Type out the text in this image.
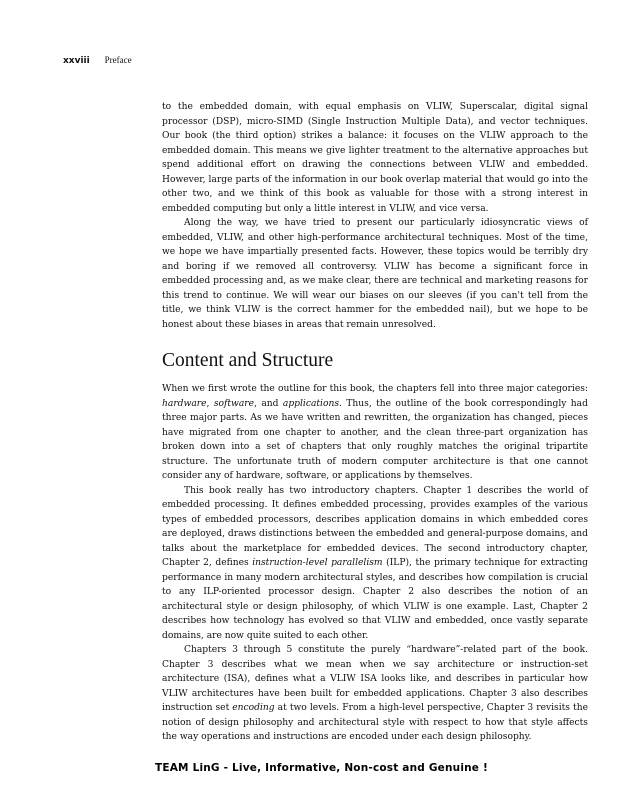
xxviii Preface

to the embedded domain, with equal emphasis on VLIW, Superscalar, digital signal processor (DSP), micro-SIMD (Single Instruction Multiple Data), and vector techniques. Our book (the third option) strikes a balance: it focuses on the VLIW approach to the embedded domain. This means we give lighter treatment to the alternative approaches but spend additional effort on drawing the connections between VLIW and embedded. However, large parts of the information in our book overlap material that would go into the other two, and we think of this book as valuable for those with a strong interest in embedded computing but only a little interest in VLIW, and vice versa.

Along the way, we have tried to present our particularly idiosyncratic views of embedded, VLIW, and other high-performance architectural techniques. Most of the time, we hope we have impartially presented facts. However, these topics would be terribly dry and boring if we removed all controversy. VLIW has become a significant force in embedded processing and, as we make clear, there are technical and marketing reasons for this trend to continue. We will wear our biases on our sleeves (if you can't tell from the title, we think VLIW is the correct hammer for the embedded nail), but we hope to be honest about these biases in areas that remain unresolved.

Content and Structure

When we first wrote the outline for this book, the chapters fell into three major categories: hardware, software, and applications. Thus, the outline of the book correspondingly had three major parts. As we have written and rewritten, the organization has changed, pieces have migrated from one chapter to another, and the clean three-part organization has broken down into a set of chapters that only roughly matches the original tripartite structure. The unfortunate truth of modern computer architecture is that one cannot consider any of hardware, software, or applications by themselves.

This book really has two introductory chapters. Chapter 1 describes the world of embedded processing. It defines embedded processing, provides examples of the various types of embedded processors, describes application domains in which embedded cores are deployed, draws distinctions between the embedded and general-purpose domains, and talks about the marketplace for embedded devices. The second introductory chapter, Chapter 2, defines instruction-level parallelism (ILP), the primary technique for extracting performance in many modern architectural styles, and describes how compilation is crucial to any ILP-oriented processor design. Chapter 2 also describes the notion of an architectural style or design philosophy, of which VLIW is one example. Last, Chapter 2 describes how technology has evolved so that VLIW and embedded, once vastly separate domains, are now quite suited to each other.

Chapters 3 through 5 constitute the purely “hardware”-related part of the book. Chapter 3 describes what we mean when we say architecture or instruction-set architecture (ISA), defines what a VLIW ISA looks like, and describes in particular how VLIW architectures have been built for embedded applications. Chapter 3 also describes instruction set encoding at two levels. From a high-level perspective, Chapter 3 revisits the notion of design philosophy and architectural style with respect to how that style affects the way operations and instructions are encoded under each design philosophy.

TEAM LinG - Live, Informative, Non-cost and Genuine !
